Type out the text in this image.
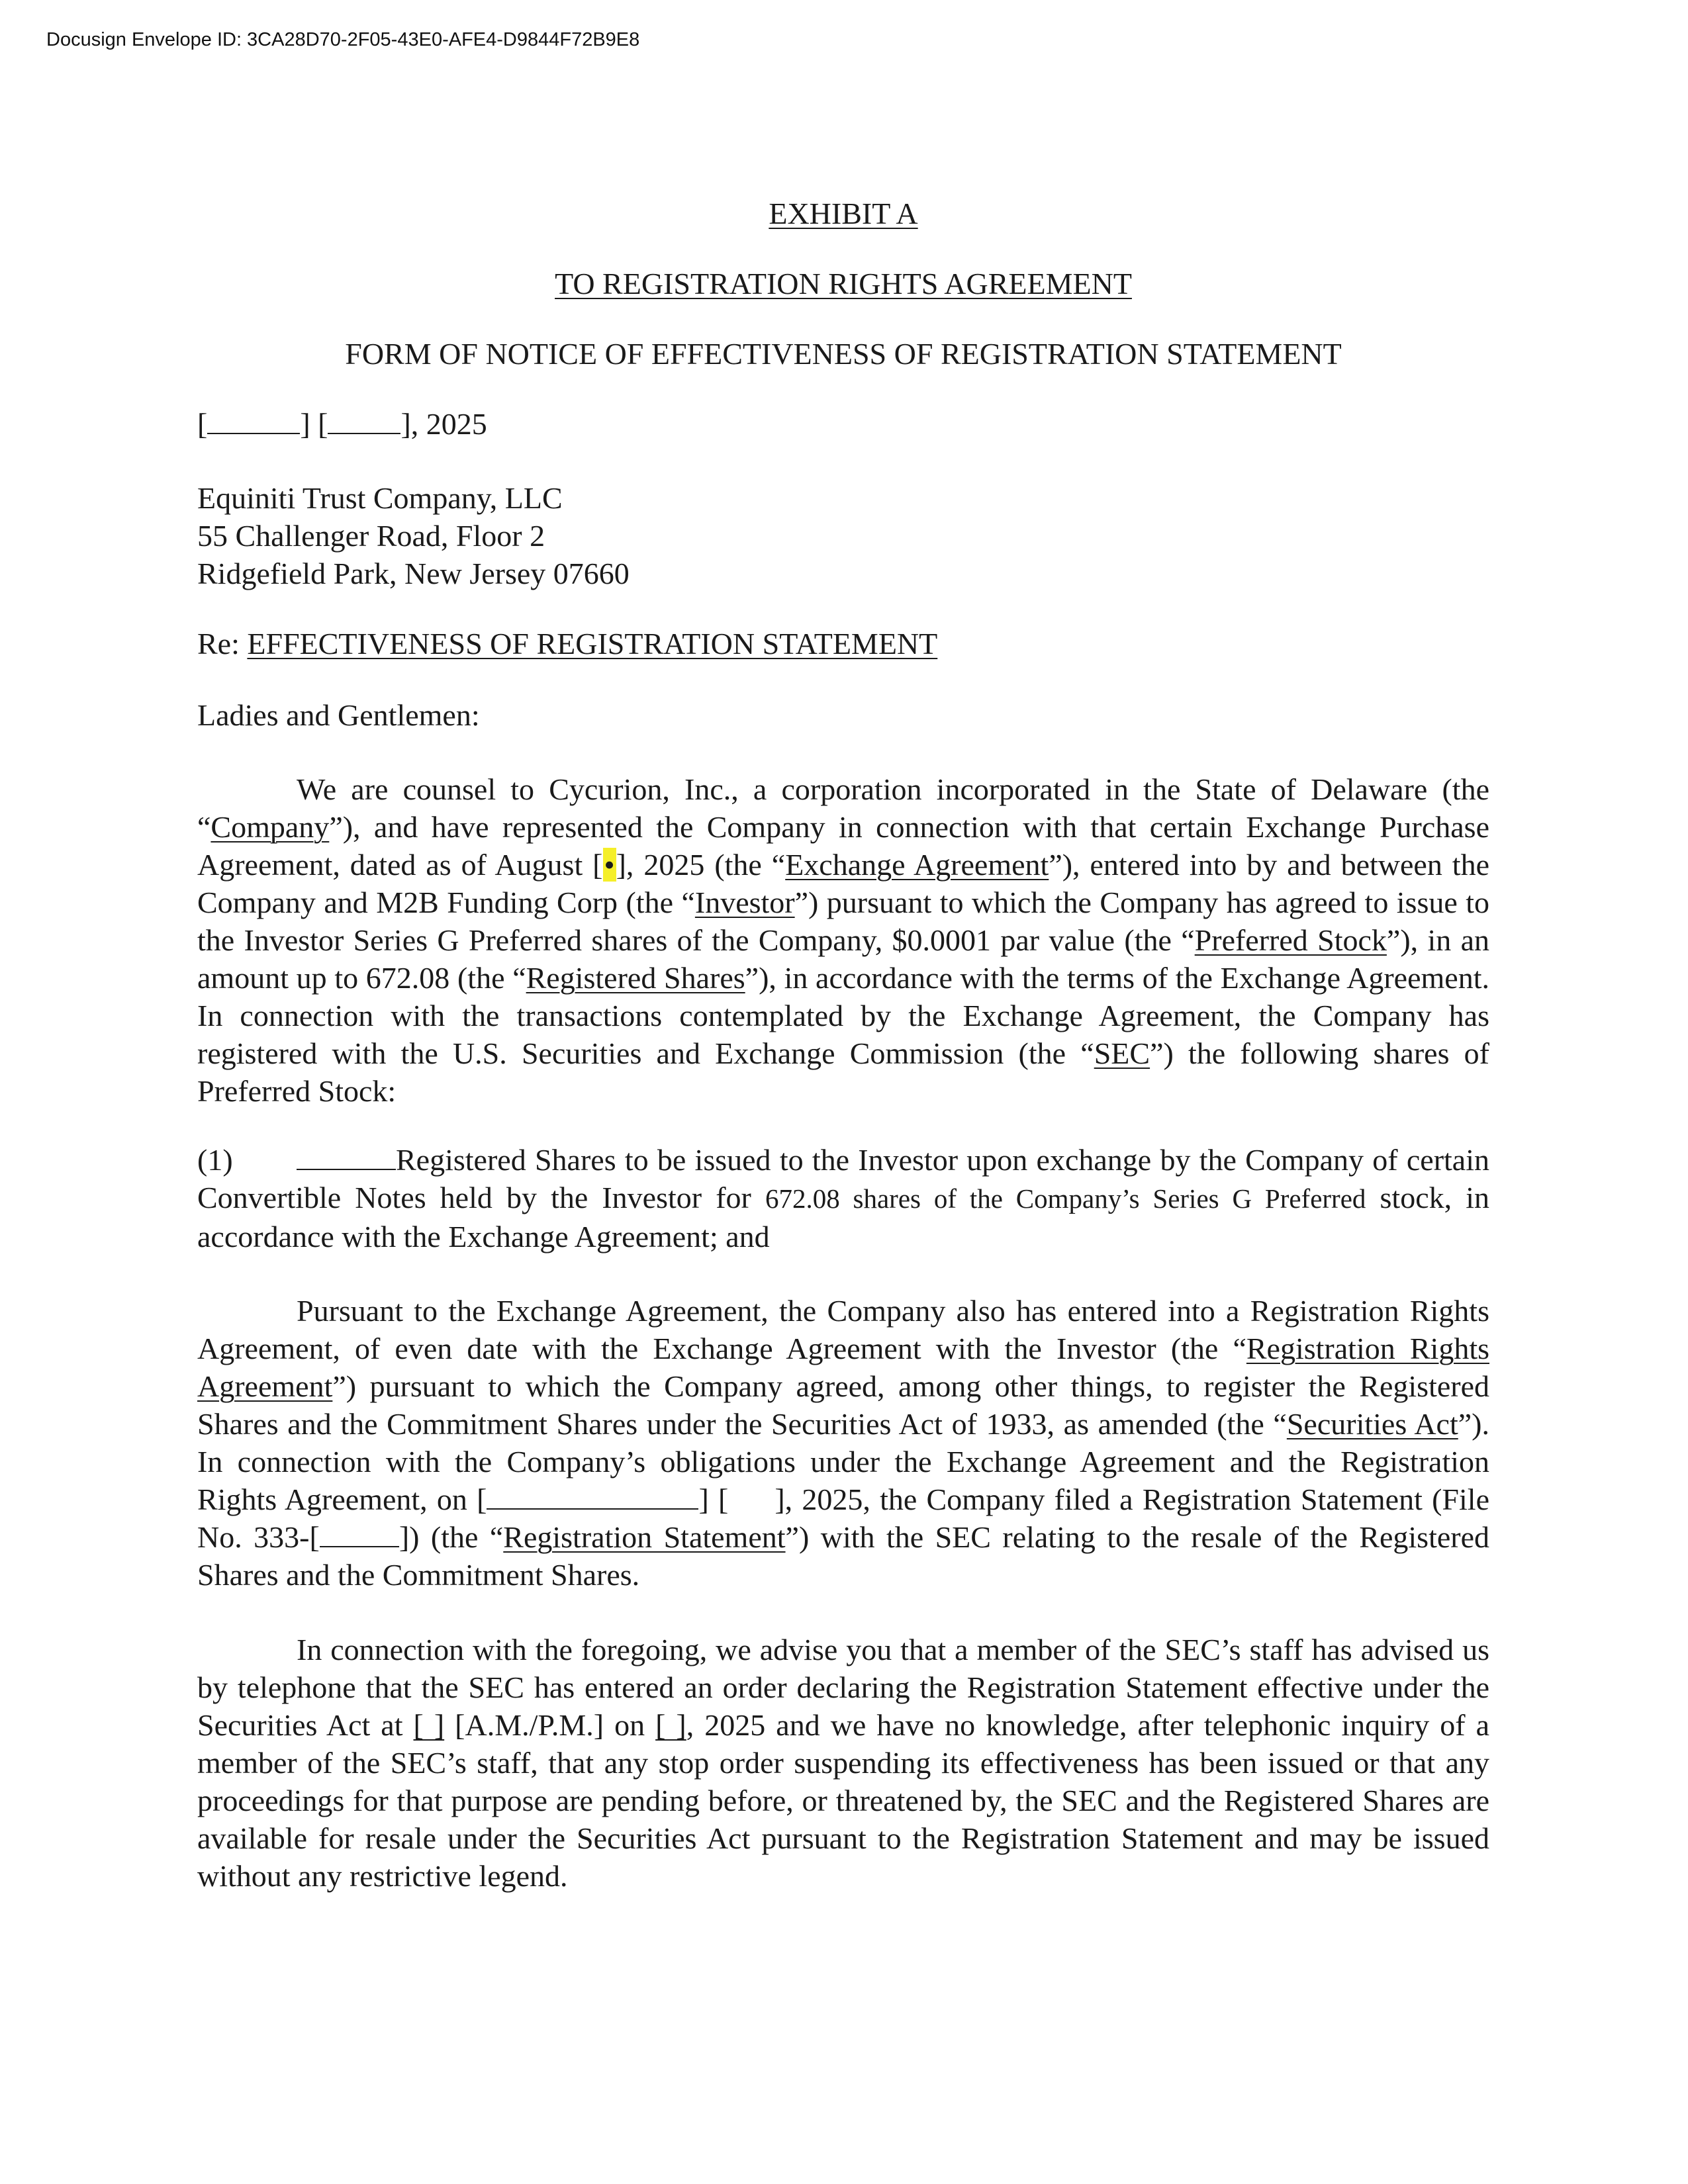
Docusign Envelope ID: 3CA28D70-2F05-43E0-AFE4-D9844F72B9E8
EXHIBIT A
TO REGISTRATION RIGHTS AGREEMENT
FORM OF NOTICE OF EFFECTIVENESS OF REGISTRATION STATEMENT
[	] [ ], 2025

Equiniti Trust Company, LLC

55 Challenger Road, Floor 2

Ridgefield Park, New Jersey 07660

Re: EFFECTIVENESS OF REGISTRATION STATEMENT
Ladies and Gentlemen:
We are counsel to Cycurion, Inc., a corporation incorporated in the State of Delaware (the “Company”), and have represented the Company in connection with that certain Exchange Purchase Agreement, dated as of August [•], 2025 (the “Exchange Agreement”), entered into by and between the Company and M2B Funding Corp (the “Investor”) pursuant to which the Company has agreed to issue to the Investor Series G Preferred shares of the Company, $0.0001 par value (the “Preferred Stock”), in an amount up to 672.08 (the “Registered Shares”), in accordance with the terms of the Exchange Agreement. In connection with the transactions contemplated by the Exchange Agreement, the Company has registered with the U.S. Securities and Exchange Commission (the “SEC”) the following shares of Preferred Stock:
(1)	Registered Shares to be issued to the Investor upon exchange by the Company of certain Convertible Notes held by the Investor for 672.08 shares of the Company’s Series G Preferred stock, in accordance with the Exchange Agreement; and
Pursuant to the Exchange Agreement, the Company also has entered into a Registration Rights Agreement, of even date with the Exchange Agreement with the Investor (the “Registration Rights Agreement”) pursuant to which the Company agreed, among other things, to register the Registered Shares and the Commitment Shares under the Securities Act of 1933, as amended (the “Securities Act”). In connection with the Company’s obligations under the Exchange Agreement and the Registration Rights Agreement, on [	] [ ], 2025, the Company filed a Registration Statement (File No. 333-[	]) (the “Registration Statement”) with the SEC relating to the resale of the Registered Shares and the Commitment Shares.
In connection with the foregoing, we advise you that a member of the SEC’s staff has advised us by telephone that the SEC has entered an order declaring the Registration Statement effective under the Securities Act at [ ] [A.M./P.M.] on [ ], 2025 and we have no knowledge, after telephonic inquiry of a member of the SEC’s staff, that any stop order suspending its effectiveness has been issued or that any proceedings for that purpose are pending before, or threatened by, the SEC and the Registered Shares are available for resale under the Securities Act pursuant to the Registration Statement and may be issued without any restrictive legend.
